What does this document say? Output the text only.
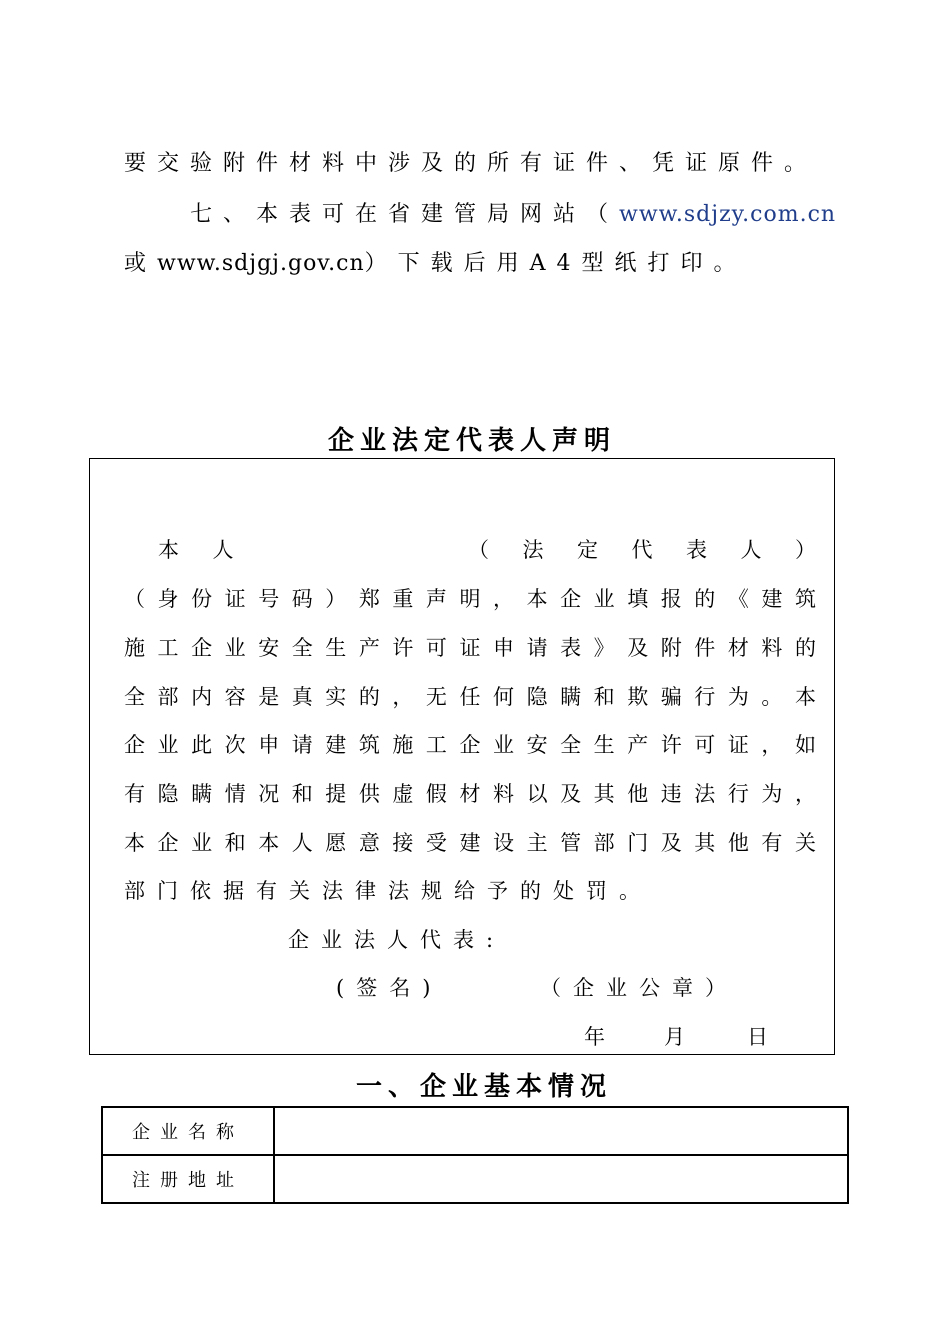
要交验附件材料中涉及的所有证件、凭证原件。
七、本表可在省建管局网站（www.sdjzy.com.cn
或www.sdjgj.gov.cn）下载后用A4型纸打印。
企业法定代表人声明
本 人	（ 法 定 代 表 人 ）
（ 身 份 证 号 码 ） 郑 重 声 明 ， 本 企 业 填 报 的 《 建 筑
施 工 企 业 安 全 生 产 许 可 证 申 请 表 》 及 附 件 材 料 的
全 部 内 容 是 真 实 的 ， 无 任 何 隐 瞒 和 欺 骗 行 为 。 本
企 业 此 次 申 请 建 筑 施 工 企 业 安 全 生 产 许 可 证 ， 如
有 隐 瞒 情 况 和 提 供 虚 假 材 料 以 及 其 他 违 法 行 为 ，
本 企 业 和 本 人 愿 意 接 受 建 设 主 管 部 门 及 其 他 有 关
部门依据有关法律法规给予的处罚。
企业法人代表:
(签名)	（企业公章）
年 月 日
一、企业基本情况
企业名称	
注册地址	
